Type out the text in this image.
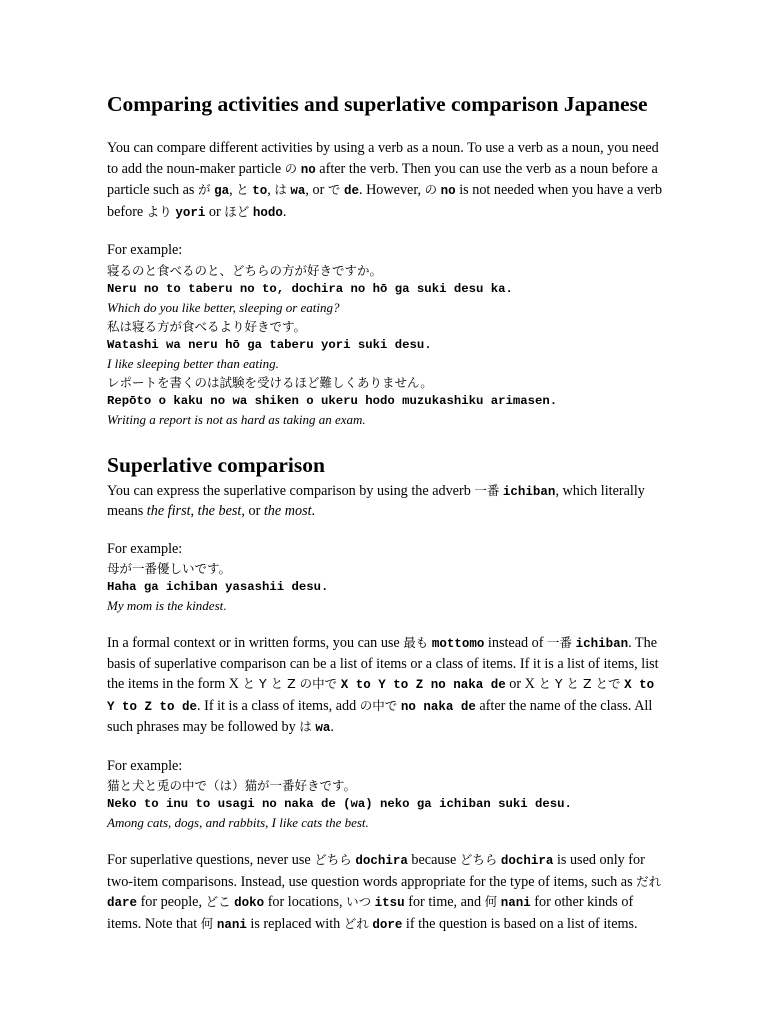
Comparing activities and superlative comparison Japanese

You can compare different activities by using a verb as a noun. To use a verb as a noun, you need to add the noun-maker particle の no after the verb. Then you can use the verb as a noun before a particle such as が ga, と to, は wa, or で de. However, の no is not needed when you have a verb before より yori or ほど hodo.

For example:

寝るのと食べるのと、どちらの方が好きですか。

Neru no to taberu no to, dochira no hō ga suki desu ka.

Which do you like better, sleeping or eating?

私は寝る方が食べるより好きです。

Watashi wa neru hō ga taberu yori suki desu.

I like sleeping better than eating.

レポートを書くのは試験を受けるほど難しくありません。

Repōto o kaku no wa shiken o ukeru hodo muzukashiku arimasen.

Writing a report is not as hard as taking an exam.

Superlative comparison

You can express the superlative comparison by using the adverb 一番 ichiban, which literally means the first, the best, or the most.

For example:

母が一番優しいです。

Haha ga ichiban yasashii desu.

My mom is the kindest.

In a formal context or in written forms, you can use 最も mottomo instead of 一番 ichiban. The basis of superlative comparison can be a list of items or a class of items. If it is a list of items, list the items in the form X と Y と Z の中で X to Y to Z no naka de or X と Y と Z とで X to Y to Z to de. If it is a class of items, add の中で no naka de after the name of the class. All such phrases may be followed by は wa.

For example:

猫と犬と兎の中で（は）猫が一番好きです。

Neko to inu to usagi no naka de (wa) neko ga ichiban suki desu.

Among cats, dogs, and rabbits, I like cats the best.

For superlative questions, never use どちら dochira because どちら dochira is used only for two-item comparisons. Instead, use question words appropriate for the type of items, such as だれ dare for people, どこ doko for locations, いつ itsu for time, and 何 nani for other kinds of items. Note that 何 nani is replaced with どれ dore if the question is based on a list of items.
